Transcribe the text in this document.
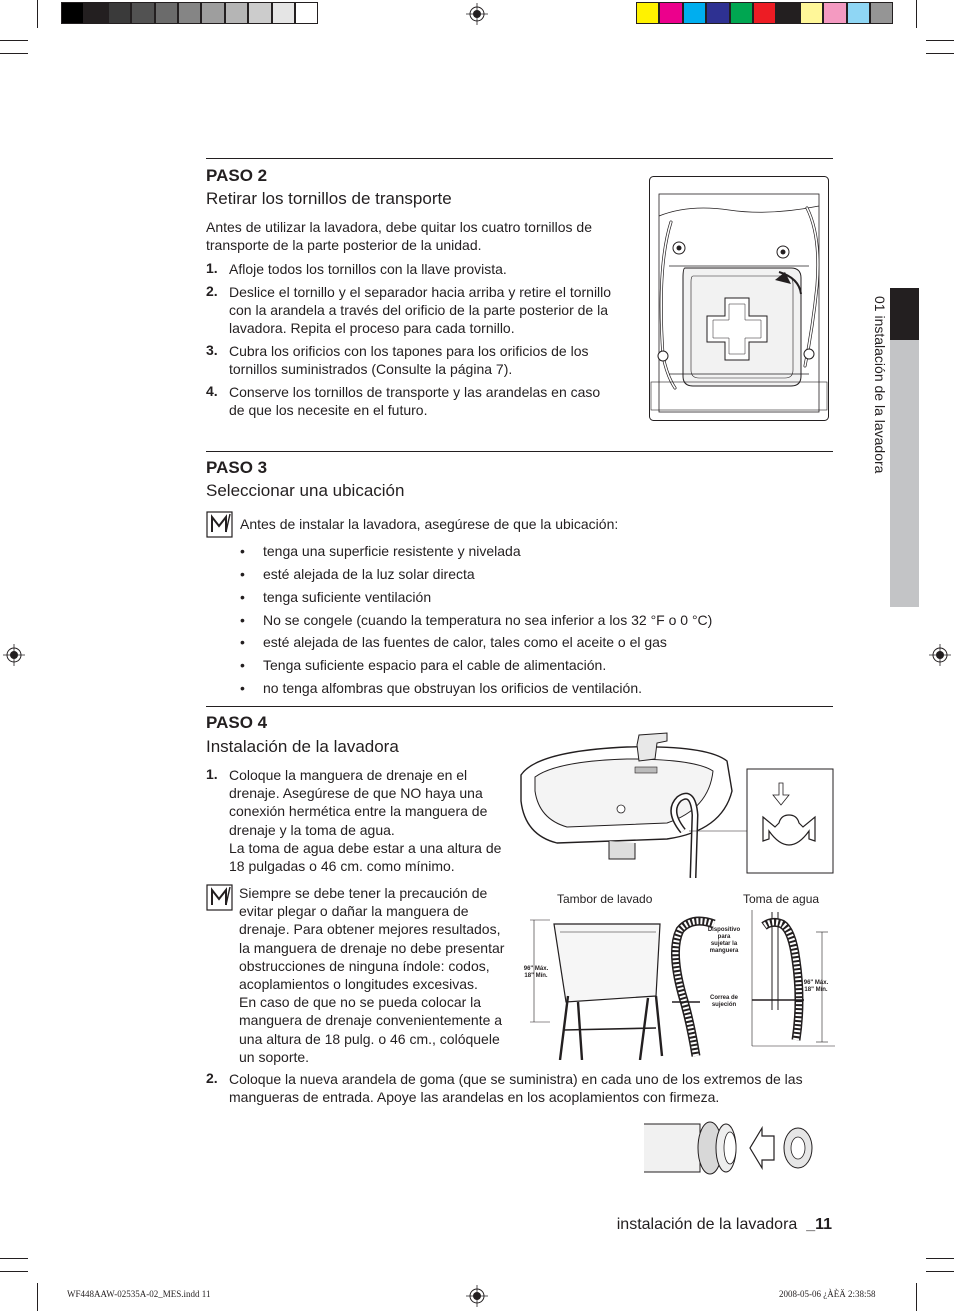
01 instalación de la lavadora
PASO 2
Retirar los tornillos de transporte
Antes de utilizar la lavadora, debe quitar los cuatro tornillos de
transporte de la parte posterior de la unidad.
1. Afloje todos los tornillos con la llave provista.
2. Deslice el tornillo y el separador hacia arriba y retire el tornillo
con la arandela a través del orificio de la parte posterior de la
lavadora. Repita el proceso para cada tornillo.
3. Cubra los orificios con los tapones para los orificios de los
tornillos suministrados (Consulte la página 7).
4. Conserve los tornillos de transporte y las arandelas en caso
de que los necesite en el futuro.
PASO 3
Seleccionar una ubicación
Antes de instalar la lavadora, asegúrese de que la ubicación:
• tenga una superficie resistente y nivelada
• esté alejada de la luz solar directa
• tenga suficiente ventilación
• No se congele (cuando la temperatura no sea inferior a los 32 °F o 0 °C)
• esté alejada de las fuentes de calor, tales como el aceite o el gas
• Tenga suficiente espacio para el cable de alimentación.
• no tenga alfombras que obstruyan los orificios de ventilación.
PASO 4
Instalación de la lavadora
1. Coloque la manguera de drenaje en el
drenaje. Asegúrese de que NO haya una
conexión hermética entre la manguera de
drenaje y la toma de agua.
La toma de agua debe estar a una altura de
18 pulgadas o 46 cm. como mínimo.
Siempre se debe tener la precaución de
evitar plegar o dañar la manguera de
drenaje. Para obtener mejores resultados,
la manguera de drenaje no debe presentar
obstrucciones de ninguna índole: codos,
acoplamientos o longitudes excesivas.
En caso de que no se pueda colocar la
manguera de drenaje convenientemente a
una altura de 18 pulg. o 46 cm., colóquele
un soporte.
2. Coloque la nueva arandela de goma (que se suministra) en cada uno de los extremos de las
mangueras de entrada. Apoye las arandelas en los acoplamientos con firmeza.
Tambor de lavado	Toma de agua
96" Máx.
18" Mín.
96" Máx.
18" Mín.
Dispositivo
para
sujetar la
manguera
Correa de
sujeción
instalación de la lavadora _11
WF448AAW-02535A-02_MES.indd 11	2008-05-06 ¿ÀÈÄ 2:38:58
